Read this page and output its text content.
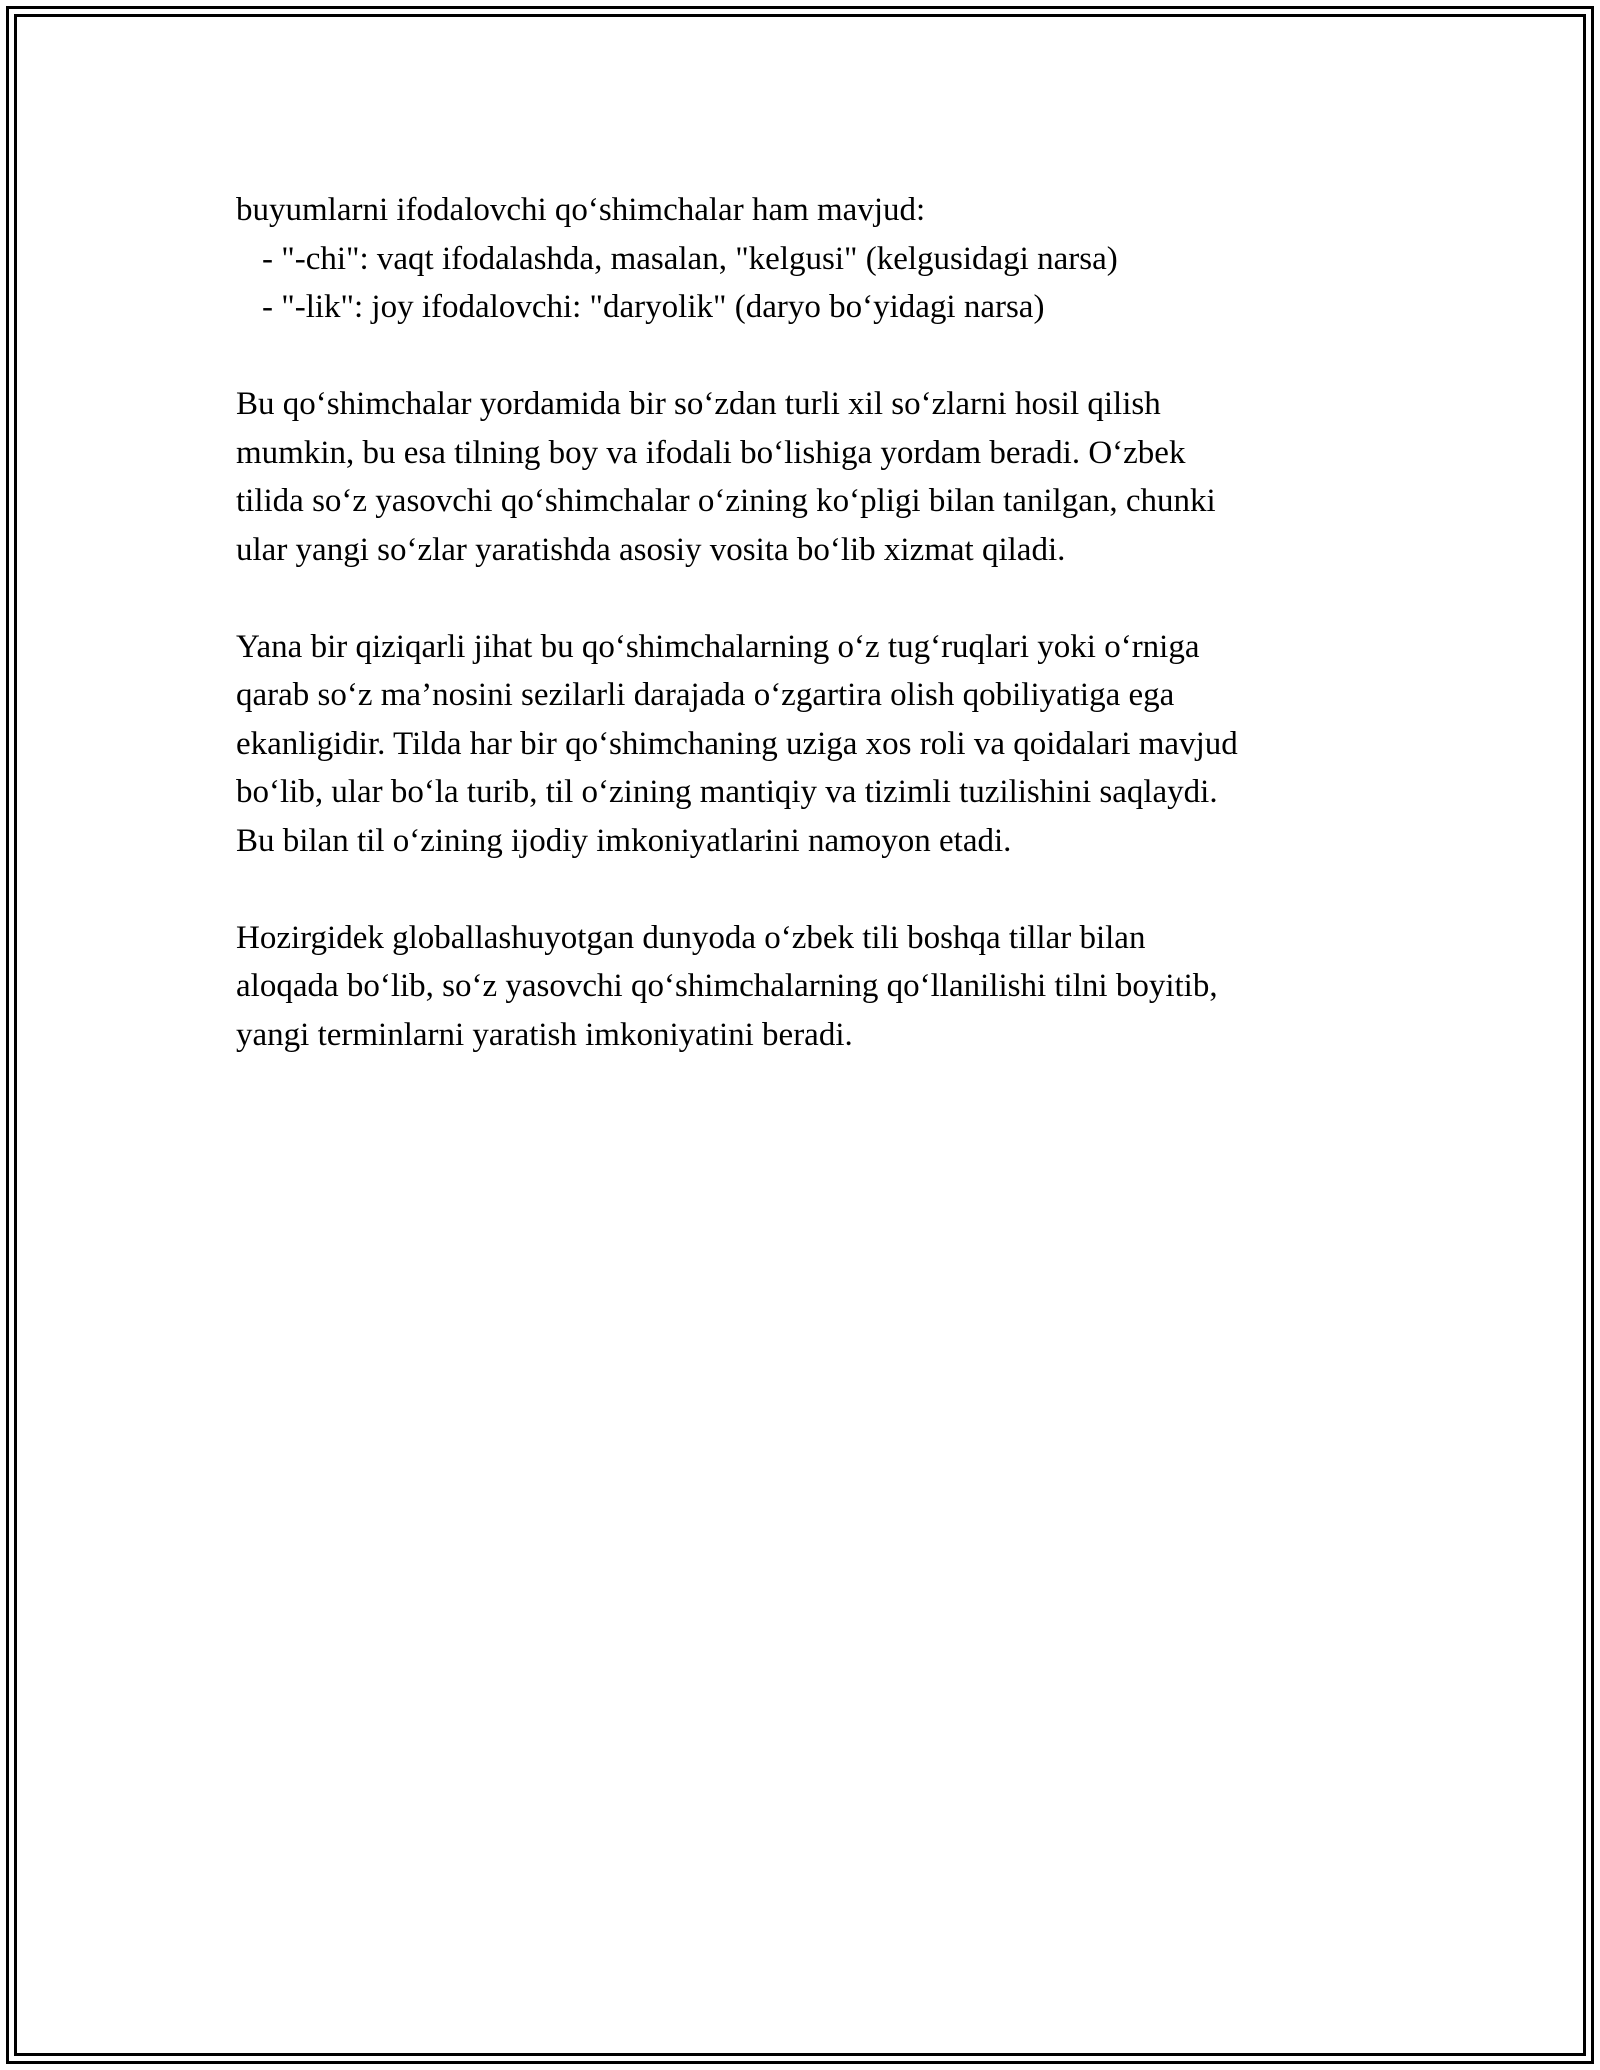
buyumlarni ifodalovchi qo‘shimchalar ham mavjud:
- "-chi": vaqt ifodalashda, masalan, "kelgusi" (kelgusidagi narsa)
- "-lik": joy ifodalovchi: "daryolik" (daryo bo‘yidagi narsa)
Bu qo‘shimchalar yordamida bir so‘zdan turli xil so‘zlarni hosil qilish
mumkin, bu esa tilning boy va ifodali bo‘lishiga yordam beradi. O‘zbek
tilida so‘z yasovchi qo‘shimchalar o‘zining ko‘pligi bilan tanilgan, chunki
ular yangi so‘zlar yaratishda asosiy vosita bo‘lib xizmat qiladi.
Yana bir qiziqarli jihat bu qo‘shimchalarning o‘z tug‘ruqlari yoki o‘rniga
qarab so‘z ma’nosini sezilarli darajada o‘zgartira olish qobiliyatiga ega
ekanligidir. Tilda har bir qo‘shimchaning uziga xos roli va qoidalari mavjud
bo‘lib, ular bo‘la turib, til o‘zining mantiqiy va tizimli tuzilishini saqlaydi.
Bu bilan til o‘zining ijodiy imkoniyatlarini namoyon etadi.
Hozirgidek globallashuyotgan dunyoda o‘zbek tili boshqa tillar bilan
aloqada bo‘lib, so‘z yasovchi qo‘shimchalarning qo‘llanilishi tilni boyitib,
yangi terminlarni yaratish imkoniyatini beradi.
